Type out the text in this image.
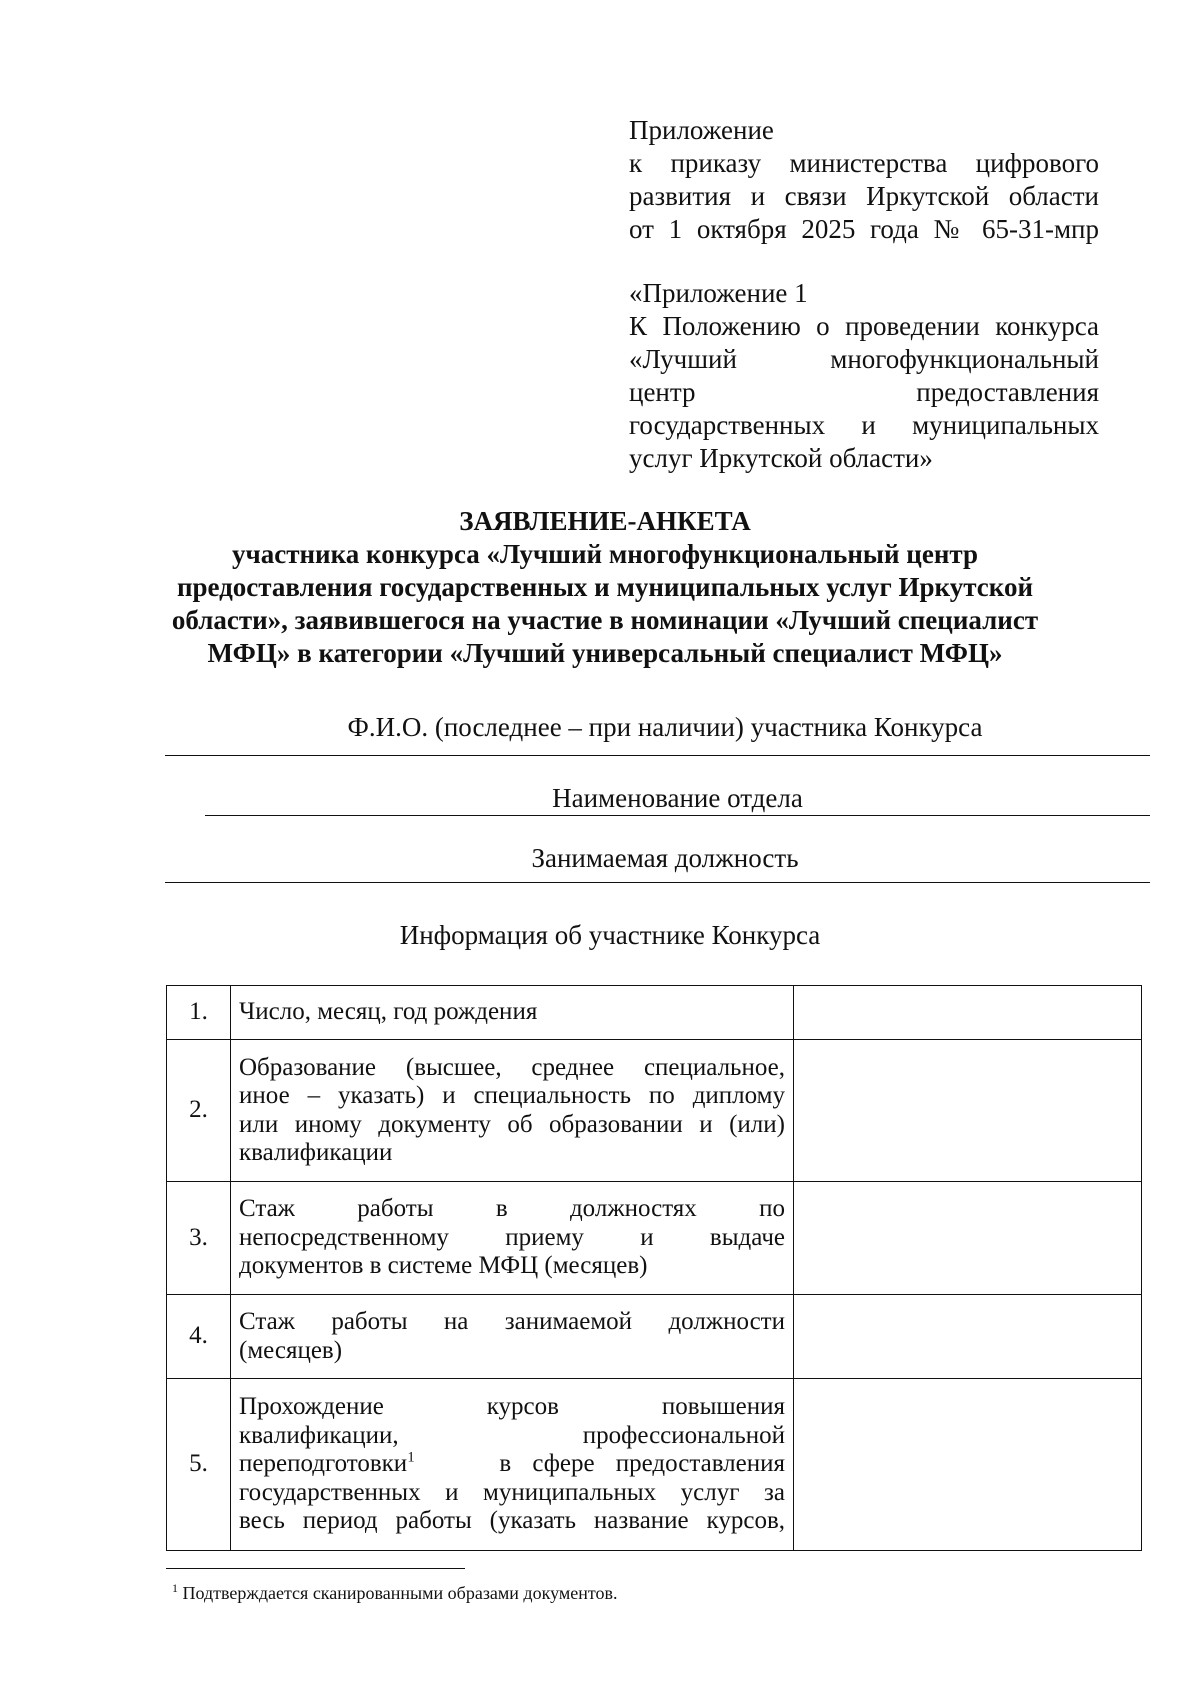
Приложение
к приказу министерства цифрового
развития и связи Иркутской области
от 1 октября 2025 года № 65-31-мпр
«Приложение 1
К Положению о проведении конкурса
«Лучший многофункциональный
центр предоставления
государственных и муниципальных
услуг Иркутской области»
ЗАЯВЛЕНИЕ-АНКЕТА
участника конкурса «Лучший многофункциональный центр
предоставления государственных и муниципальных услуг Иркутской
области», заявившегося на участие в номинации «Лучший специалист
МФЦ» в категории «Лучший универсальный специалист МФЦ»
Ф.И.О. (последнее – при наличии) участника Конкурса
Наименование отдела
Занимаемая должность
Информация об участнике Конкурса
1.	Число, месяц, год рождения	

2.	Образование (высшее, среднее специальное,
иное – указать) и специальность по диплому
или иному документу об образовании и (или)
квалификации	

3.	Стаж работы в должностях по
непосредственному приему и выдаче
документов в системе МФЦ (месяцев)	

4.	Стаж работы на занимаемой должности
(месяцев)	

5.	Прохождение курсов повышения
квалификации, профессиональной
переподготовки$^1$ в сфере предоставления
государственных и муниципальных услуг за
весь период работы (указать название курсов,	

$^1$ Подтверждается сканированными образами документов.
